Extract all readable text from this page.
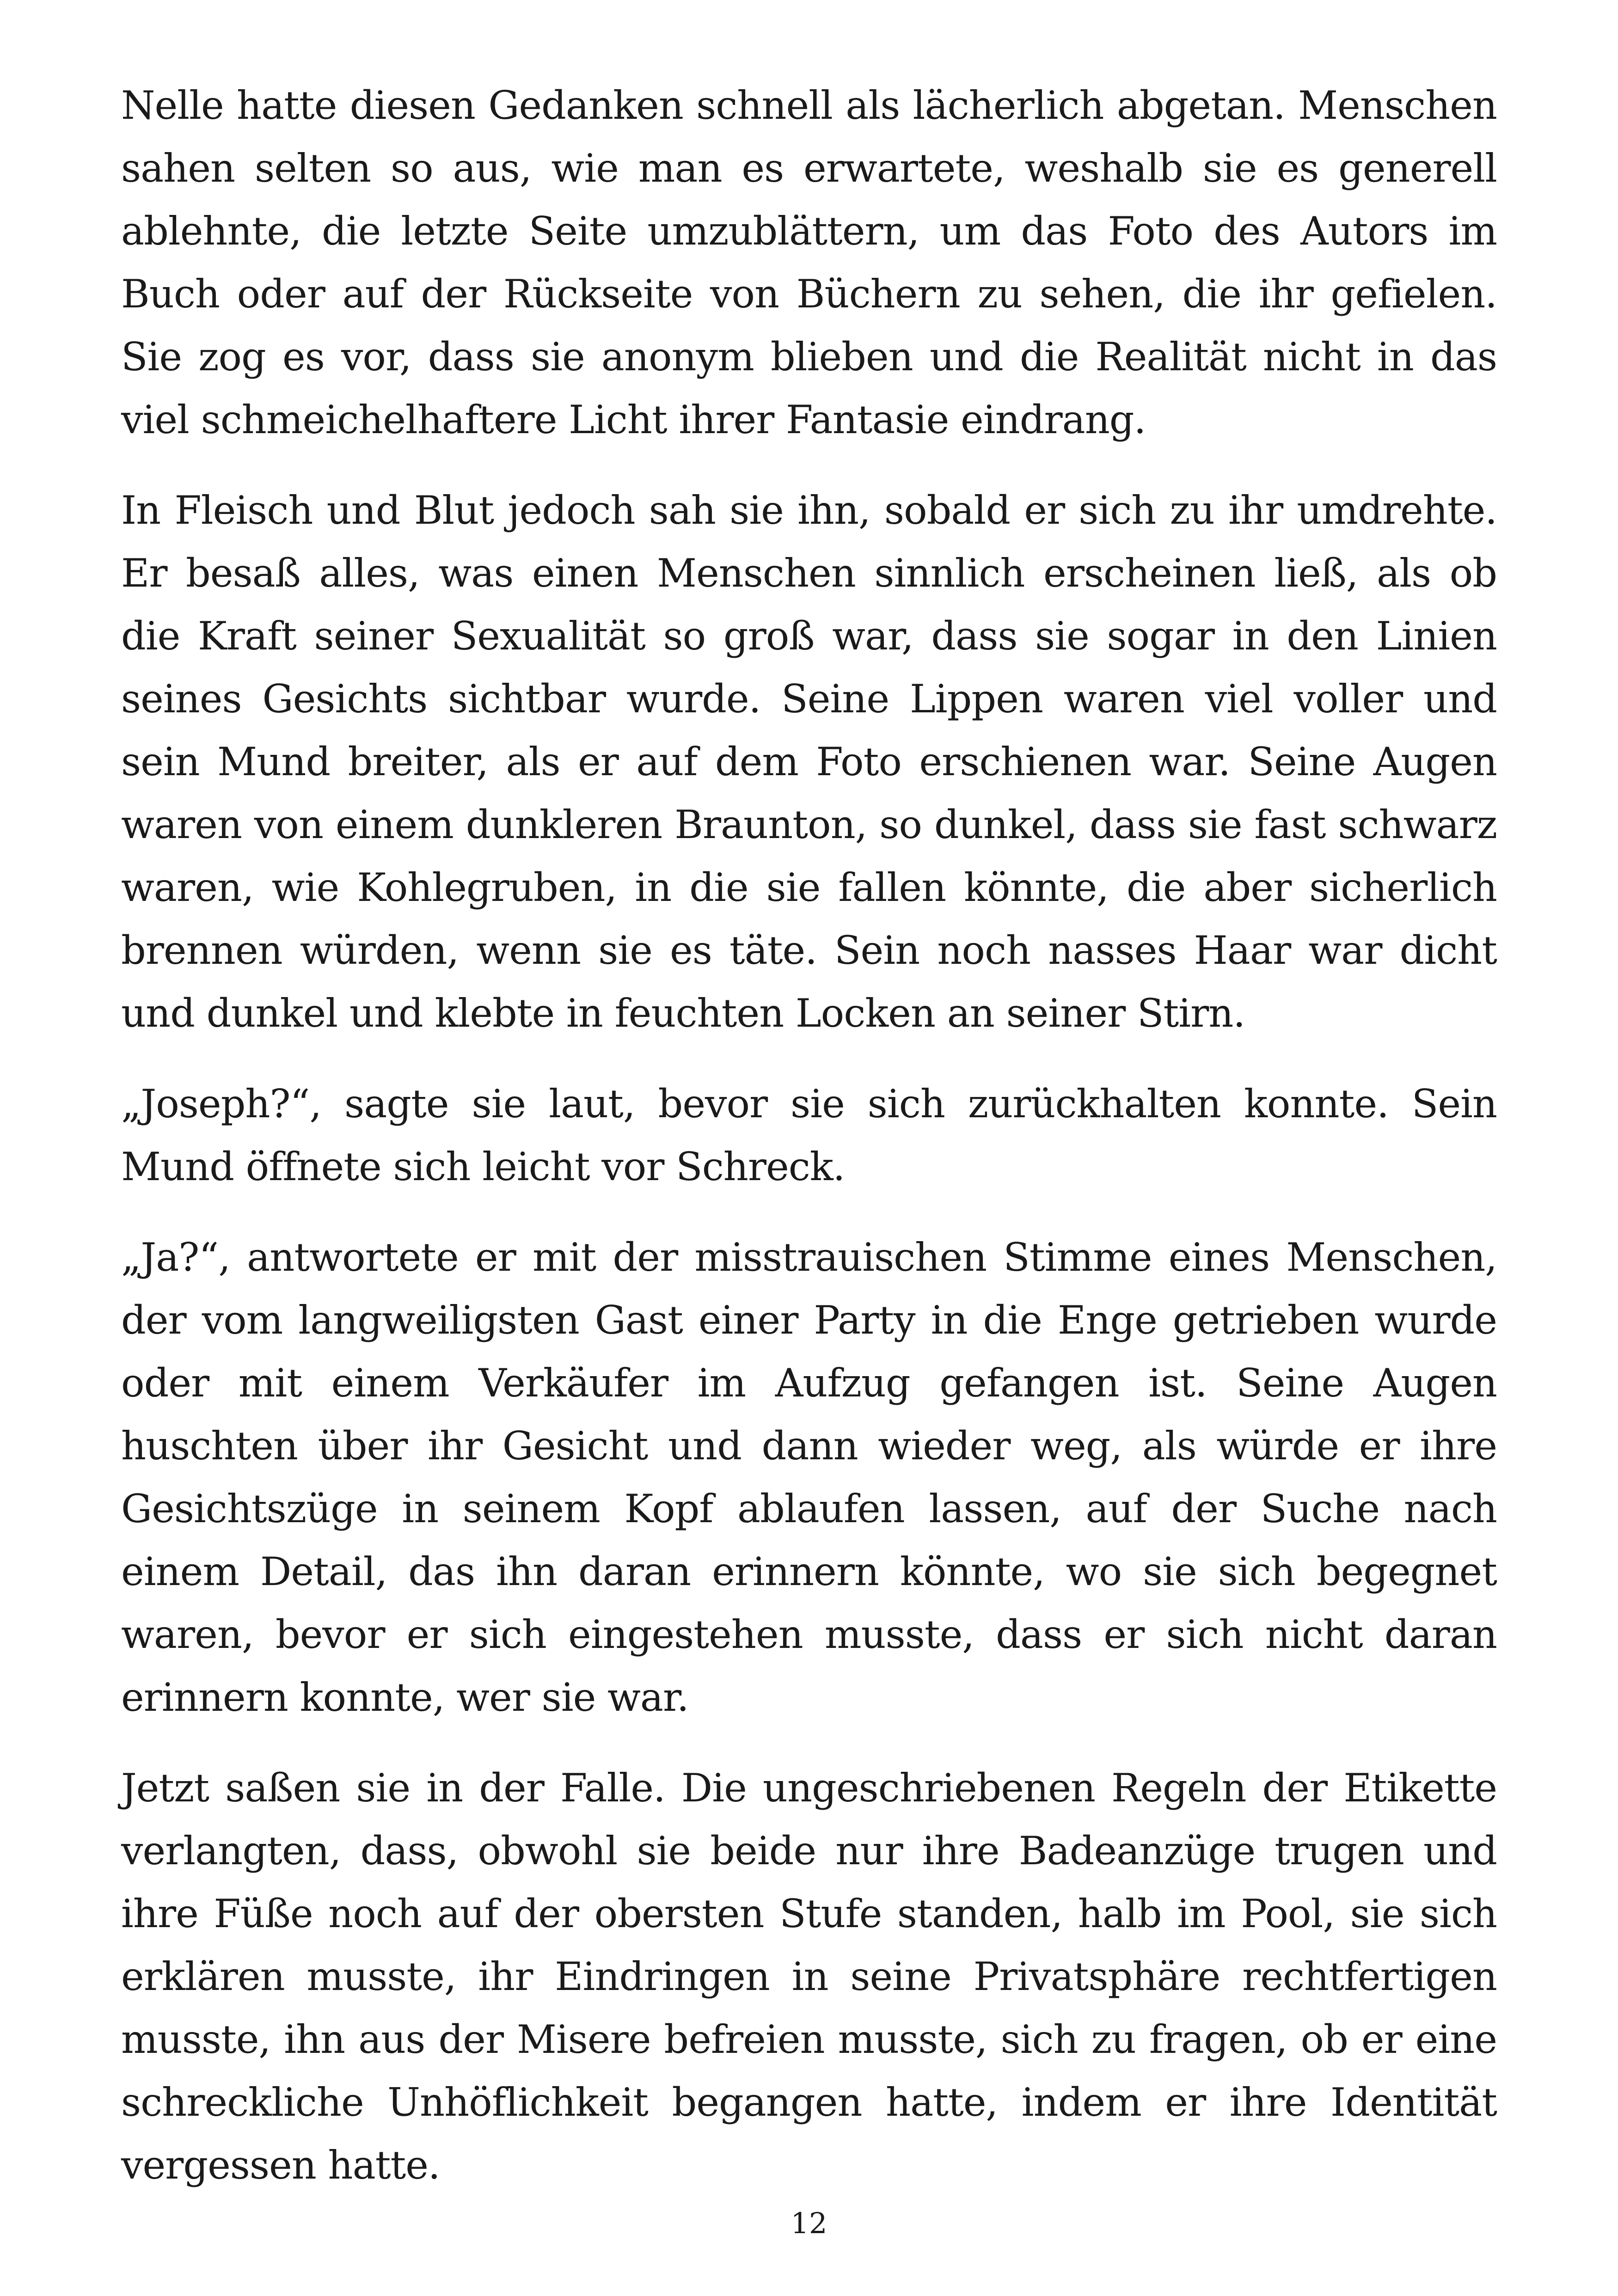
Nelle hatte diesen Gedanken schnell als lächerlich abgetan. Menschen sahen selten so aus, wie man es erwartete, weshalb sie es generell ablehnte, die letzte Seite umzublättern, um das Foto des Autors im Buch oder auf der Rückseite von Büchern zu sehen, die ihr gefielen. Sie zog es vor, dass sie anonym blieben und die Realität nicht in das viel schmeichelhaftere Licht ihrer Fantasie eindrang.

In Fleisch und Blut jedoch sah sie ihn, sobald er sich zu ihr umdrehte. Er besaß alles, was einen Menschen sinnlich erscheinen ließ, als ob die Kraft seiner Sexualität so groß war, dass sie sogar in den Linien seines Gesichts sichtbar wurde. Seine Lippen waren viel voller und sein Mund breiter, als er auf dem Foto erschienen war. Seine Augen waren von einem dunkleren Braunton, so dunkel, dass sie fast schwarz waren, wie Kohlegruben, in die sie fallen könnte, die aber sicherlich brennen würden, wenn sie es täte. Sein noch nasses Haar war dicht und dunkel und klebte in feuchten Locken an seiner Stirn.

„Joseph?“, sagte sie laut, bevor sie sich zurückhalten konnte. Sein Mund öffnete sich leicht vor Schreck.

„Ja?“, antwortete er mit der misstrauischen Stimme eines Menschen, der vom langweiligsten Gast einer Party in die Enge getrieben wurde oder mit einem Verkäufer im Aufzug gefangen ist. Seine Augen huschten über ihr Gesicht und dann wieder weg, als würde er ihre Gesichtszüge in seinem Kopf ablaufen lassen, auf der Suche nach einem Detail, das ihn daran erinnern könnte, wo sie sich begegnet waren, bevor er sich eingestehen musste, dass er sich nicht daran erinnern konnte, wer sie war.

Jetzt saßen sie in der Falle. Die ungeschriebenen Regeln der Etikette verlangten, dass, obwohl sie beide nur ihre Badeanzüge trugen und ihre Füße noch auf der obersten Stufe standen, halb im Pool, sie sich erklären musste, ihr Eindringen in seine Privatsphäre rechtfertigen musste, ihn aus der Misere befreien musste, sich zu fragen, ob er eine schreckliche Unhöflichkeit begangen hatte, indem er ihre Identität vergessen hatte.

12
